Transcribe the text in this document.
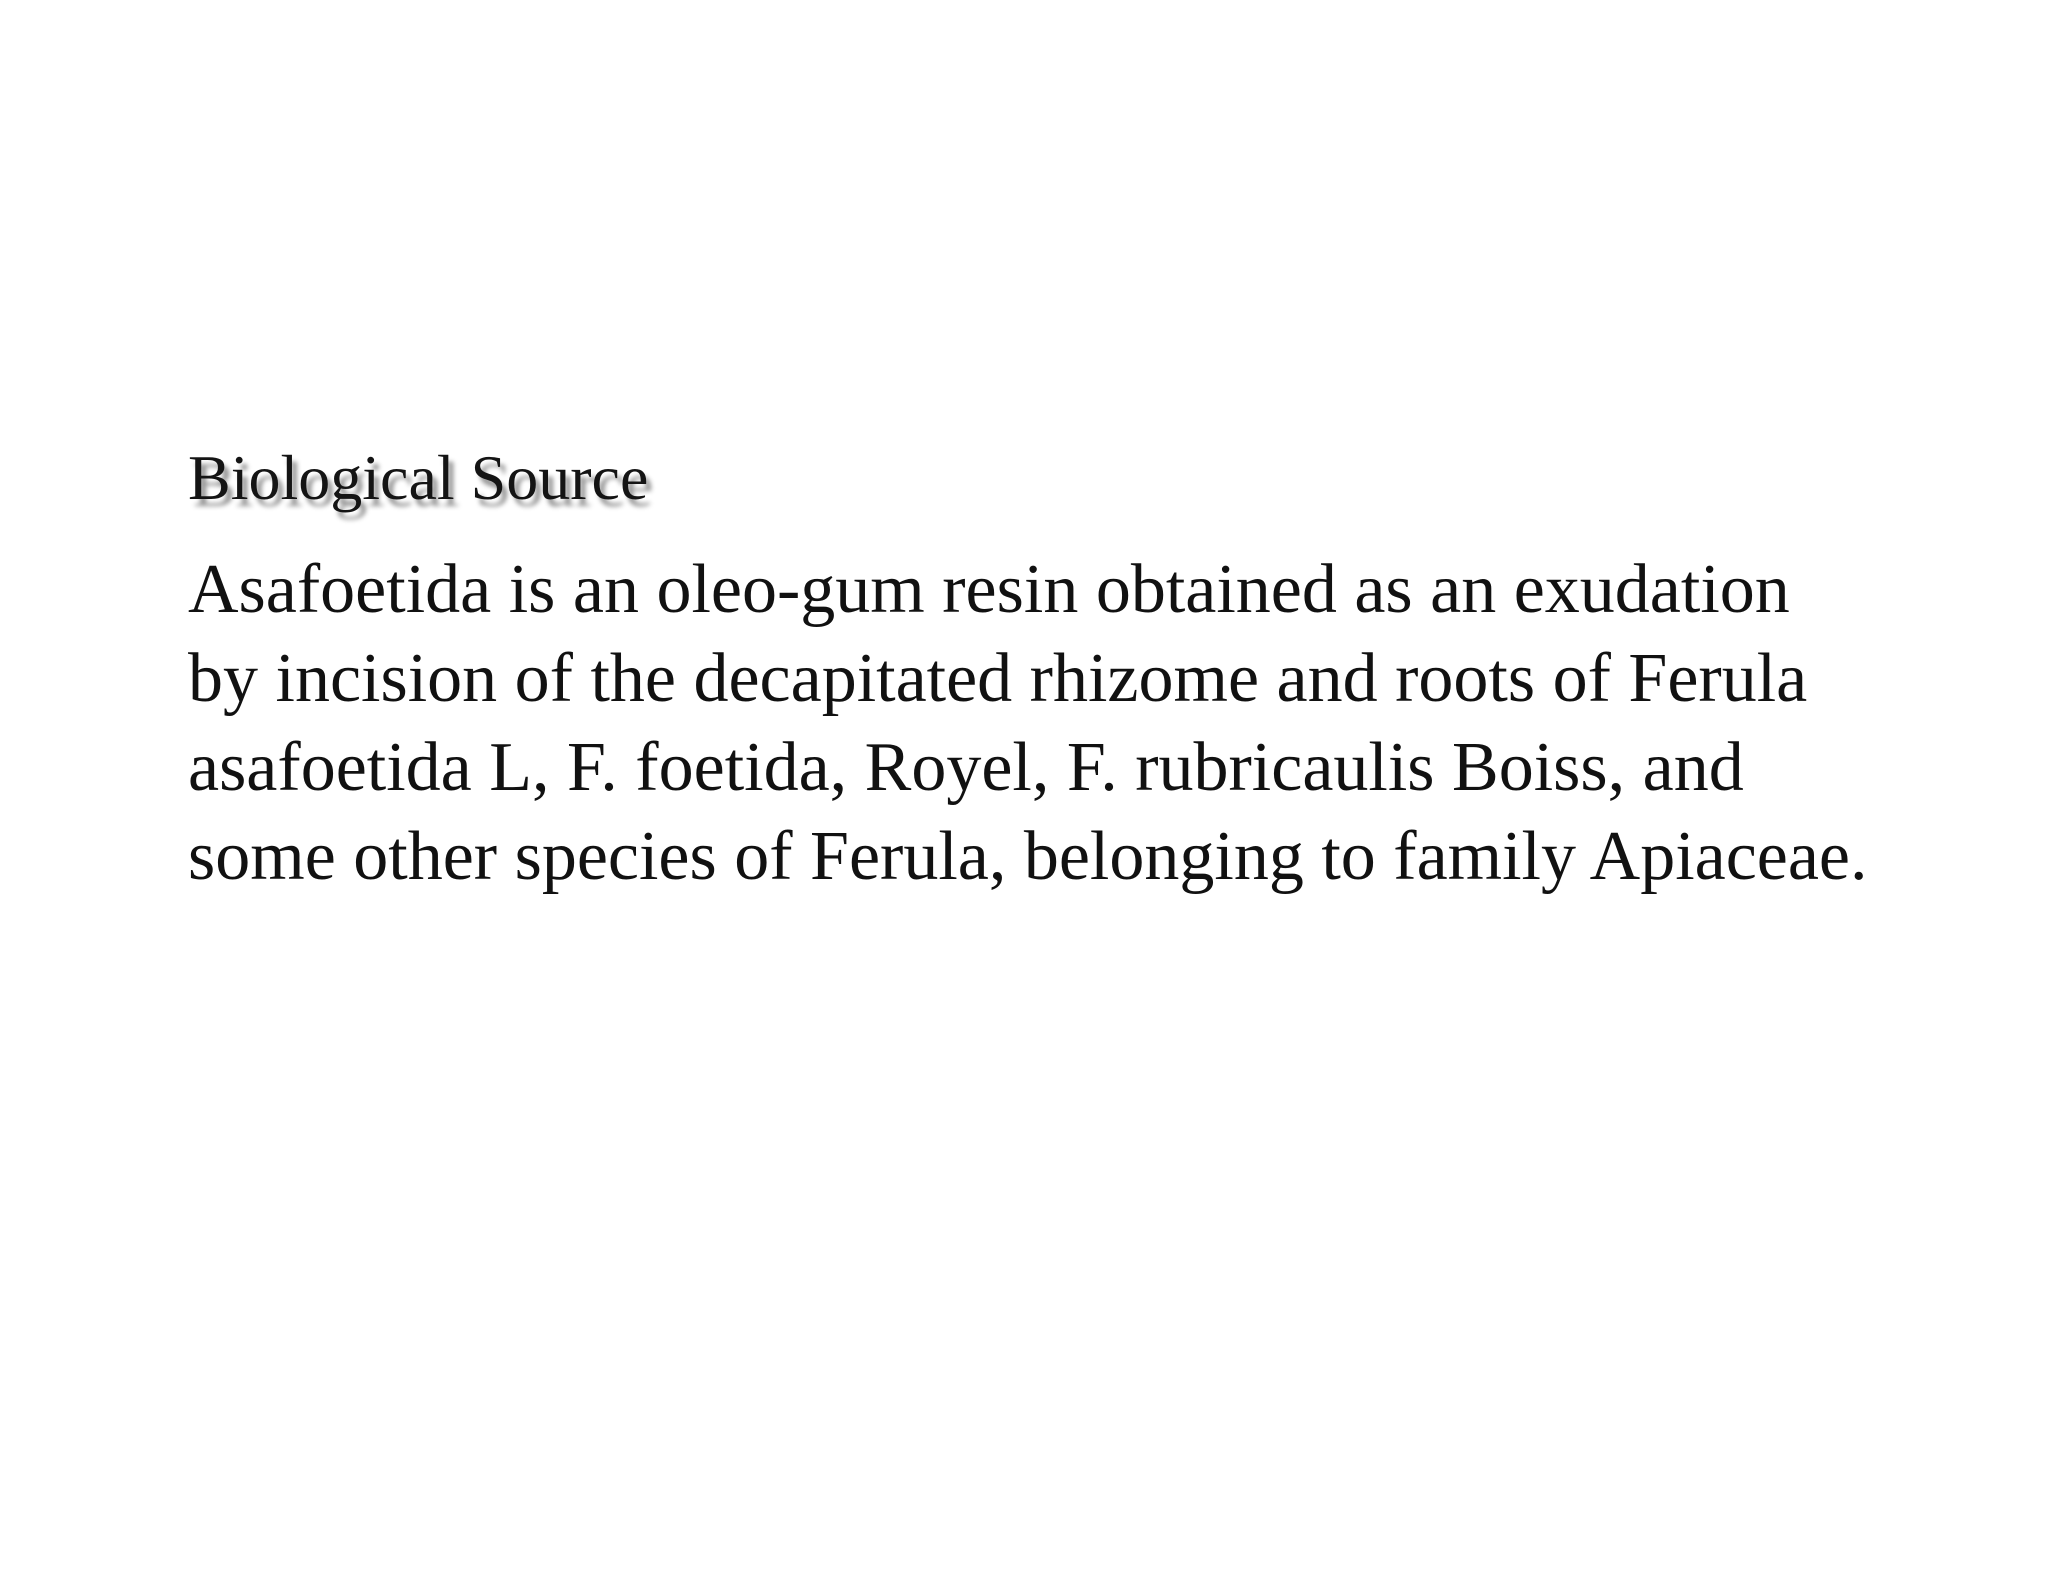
Biological Source

Asafoetida is an oleo-gum resin obtained as an exudation
by incision of the decapitated rhizome and roots of Ferula
asafoetida L, F. foetida, Royel, F. rubricaulis Boiss, and
some other species of Ferula, belonging to family Apiaceae.
